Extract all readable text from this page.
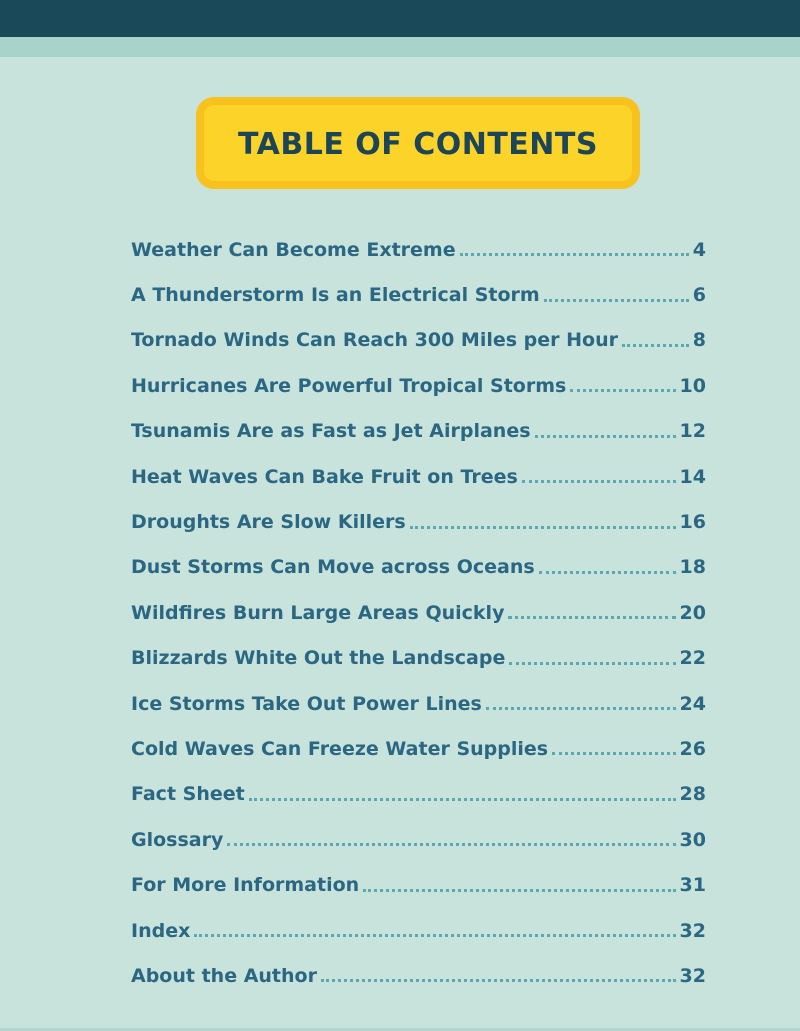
TABLE OF CONTENTS
Weather Can Become Extreme	4
A Thunderstorm Is an Electrical Storm	6
Tornado Winds Can Reach 300 Miles per Hour	8
Hurricanes Are Powerful Tropical Storms	10
Tsunamis Are as Fast as Jet Airplanes	12
Heat Waves Can Bake Fruit on Trees	14
Droughts Are Slow Killers	16
Dust Storms Can Move across Oceans	18
Wildfires Burn Large Areas Quickly	20
Blizzards White Out the Landscape	22
Ice Storms Take Out Power Lines	24
Cold Waves Can Freeze Water Supplies	26
Fact Sheet	28
Glossary	30
For More Information	31
Index	32
About the Author	32
